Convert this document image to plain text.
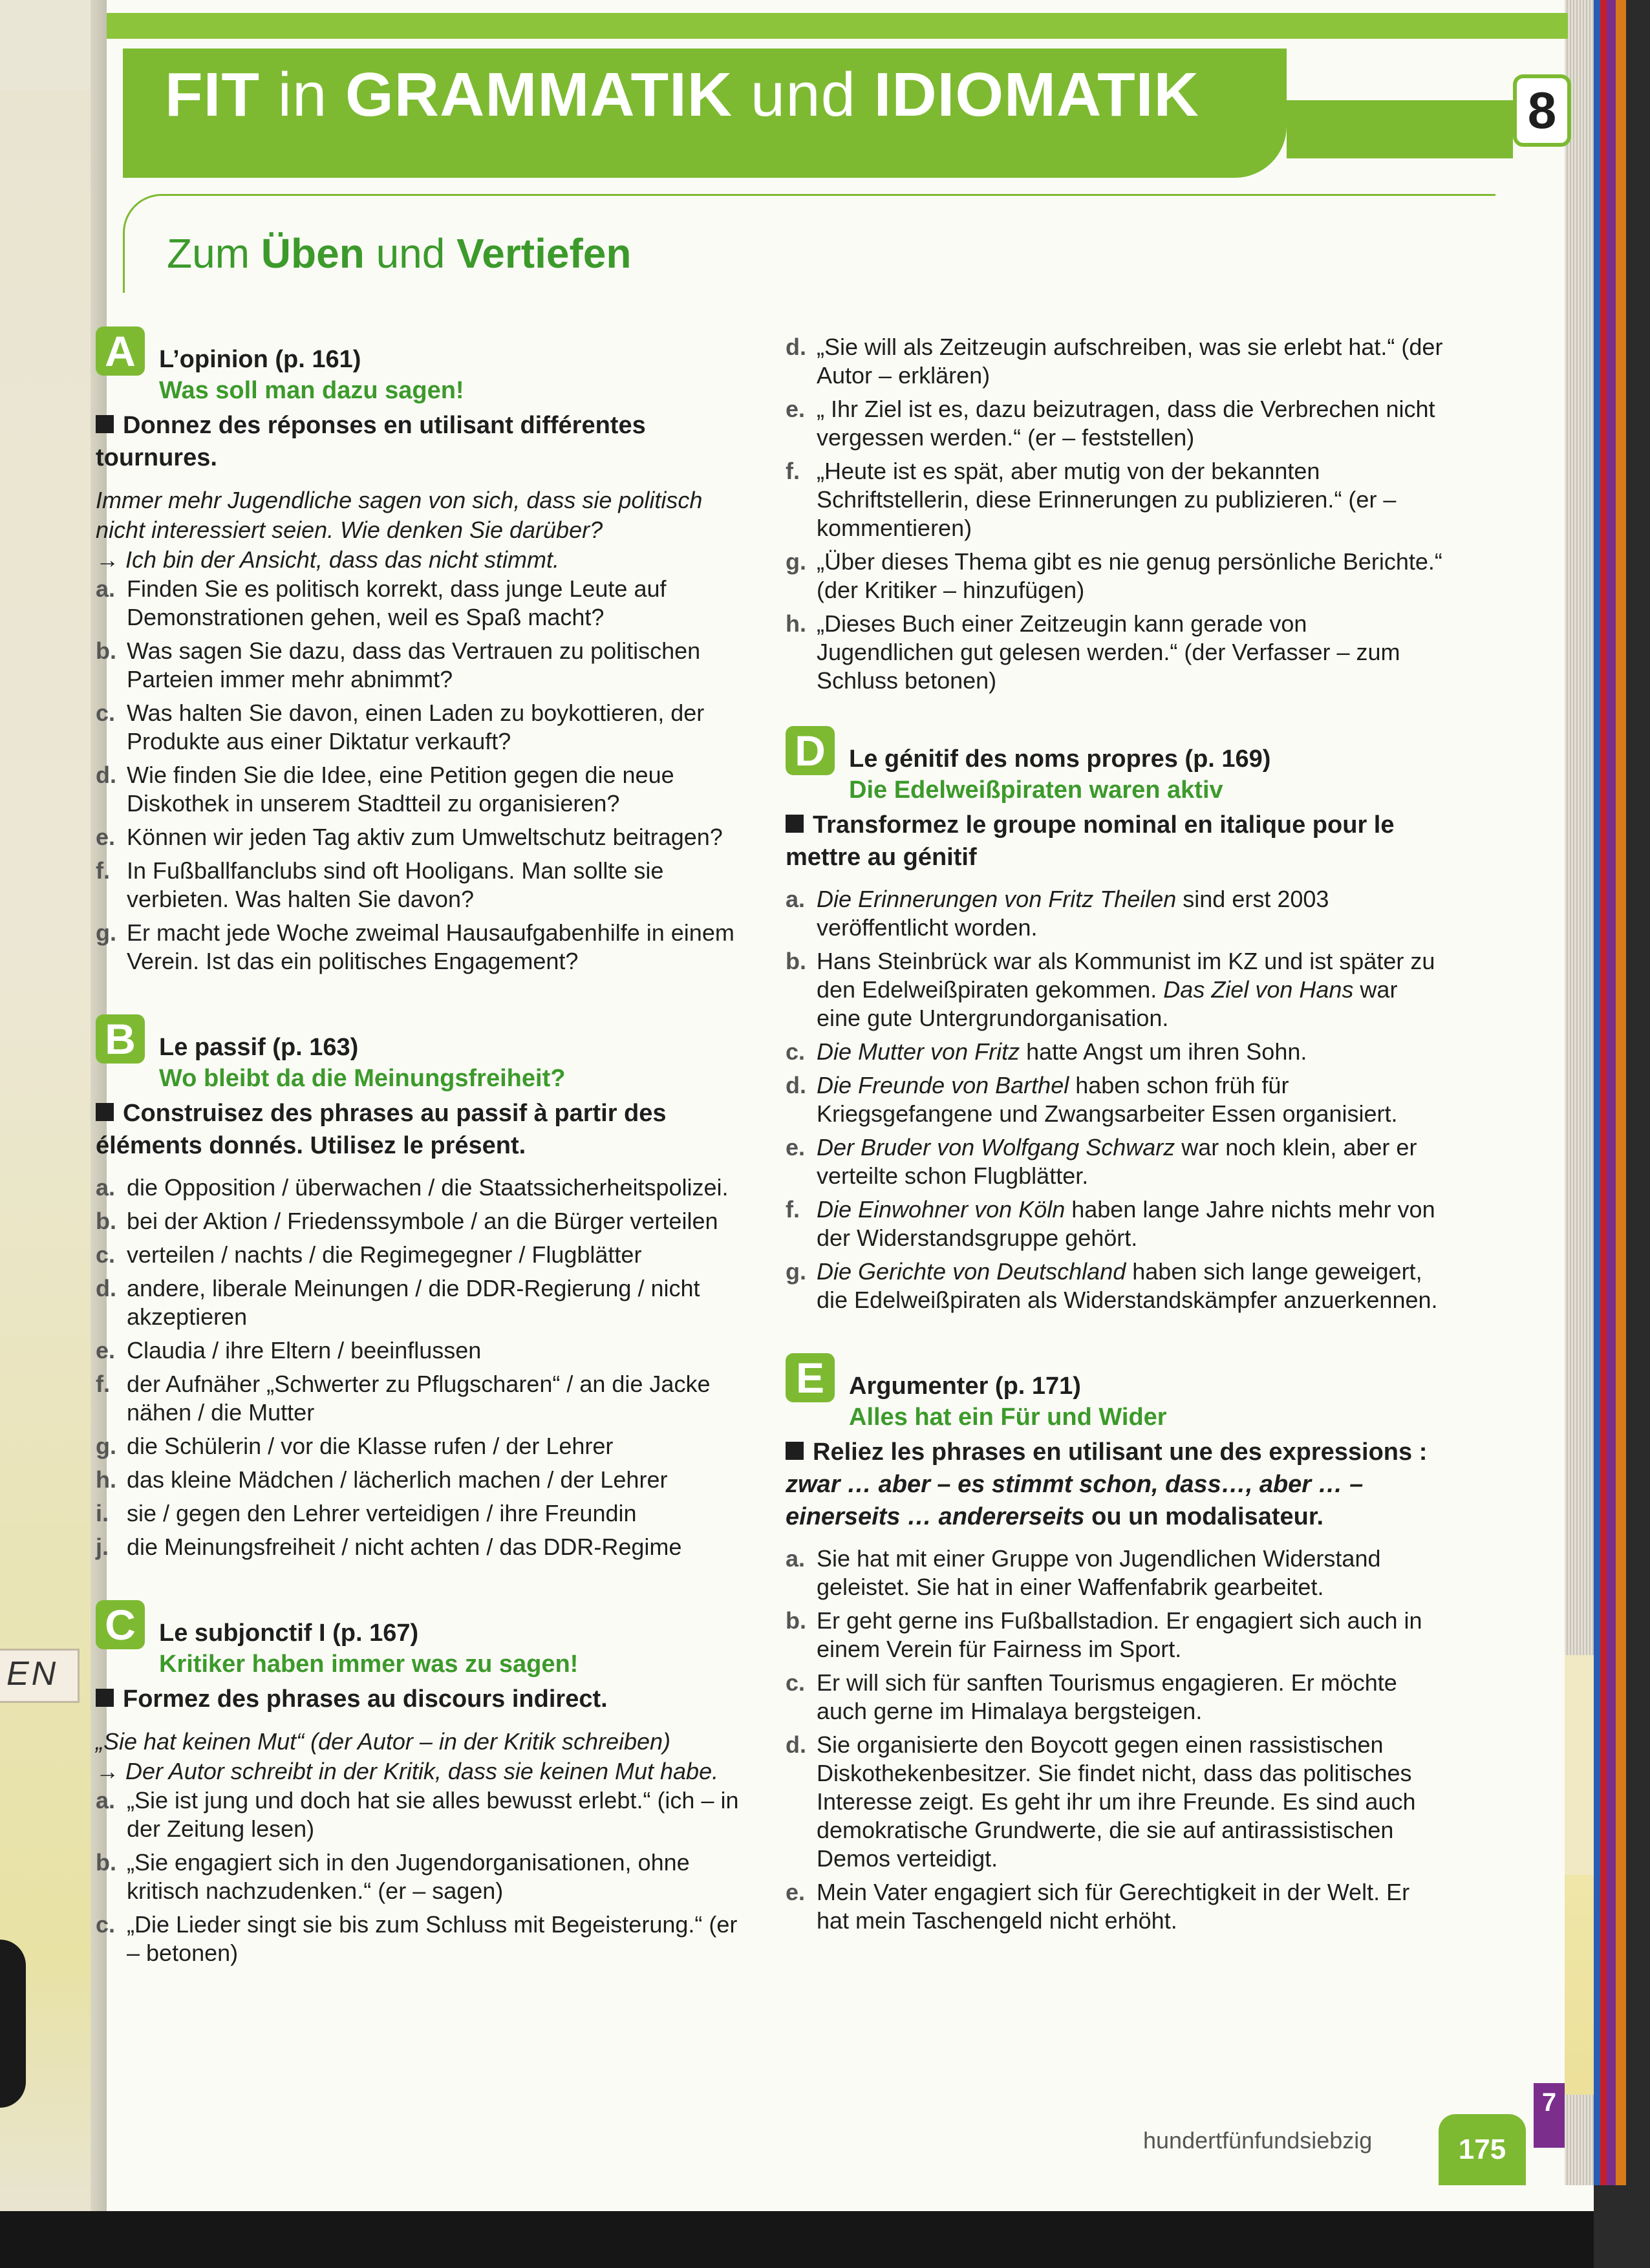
EN
FIT in GRAMMATIK und IDIOMATIK	8
Zum Üben und Vertiefen
A L’opinion (p. 161)
Was soll man dazu sagen!
Donnez des réponses en utilisant différentes tournures.
Immer mehr Jugendliche sagen von sich, dass sie politisch nicht interessiert seien. Wie denken Sie darüber?
→ Ich bin der Ansicht, dass das nicht stimmt.
a. Finden Sie es politisch korrekt, dass junge Leute auf Demonstrationen gehen, weil es Spaß macht?
b. Was sagen Sie dazu, dass das Vertrauen zu politischen Parteien immer mehr abnimmt?
c. Was halten Sie davon, einen Laden zu boykottieren, der Produkte aus einer Diktatur verkauft?
d. Wie finden Sie die Idee, eine Petition gegen die neue Diskothek in unserem Stadtteil zu organisieren?
e. Können wir jeden Tag aktiv zum Umweltschutz beitragen?
f. In Fußballfanclubs sind oft Hooligans. Man sollte sie verbieten. Was halten Sie davon?
g. Er macht jede Woche zweimal Hausaufgabenhilfe in einem Verein. Ist das ein politisches Engagement?
B Le passif (p. 163)
Wo bleibt da die Meinungsfreiheit?
Construisez des phrases au passif à partir des éléments donnés. Utilisez le présent.
a. die Opposition / überwachen / die Staatssicherheitspolizei.
b. bei der Aktion / Friedenssymbole / an die Bürger verteilen
c. verteilen / nachts / die Regimegegner / Flugblätter
d. andere, liberale Meinungen / die DDR-Regierung / nicht akzeptieren
e. Claudia / ihre Eltern / beeinflussen
f. der Aufnäher „Schwerter zu Pflugscharen“ / an die Jacke nähen / die Mutter
g. die Schülerin / vor die Klasse rufen / der Lehrer
h. das kleine Mädchen / lächerlich machen / der Lehrer
i. sie / gegen den Lehrer verteidigen / ihre Freundin
j. die Meinungsfreiheit / nicht achten / das DDR-Regime
C Le subjonctif I (p. 167)
Kritiker haben immer was zu sagen!
Formez des phrases au discours indirect.
„Sie hat keinen Mut“ (der Autor – in der Kritik schreiben)
→ Der Autor schreibt in der Kritik, dass sie keinen Mut habe.
a. „Sie ist jung und doch hat sie alles bewusst erlebt.“ (ich – in der Zeitung lesen)
b. „Sie engagiert sich in den Jugendorganisationen, ohne kritisch nachzudenken.“ (er – sagen)
c. „Die Lieder singt sie bis zum Schluss mit Begeisterung.“ (er – betonen)
d. „Sie will als Zeitzeugin aufschreiben, was sie erlebt hat.“ (der Autor – erklären)
e. „ Ihr Ziel ist es, dazu beizutragen, dass die Verbrechen nicht vergessen werden.“ (er – feststellen)
f. „Heute ist es spät, aber mutig von der bekannten Schriftstellerin, diese Erinnerungen zu publizieren.“ (er – kommentieren)
g. „Über dieses Thema gibt es nie genug persönliche Berichte.“ (der Kritiker – hinzufügen)
h. „Dieses Buch einer Zeitzeugin kann gerade von Jugendlichen gut gelesen werden.“ (der Verfasser – zum Schluss betonen)
D Le génitif des noms propres (p. 169)
Die Edelweißpiraten waren aktiv
Transformez le groupe nominal en italique pour le mettre au génitif
a. Die Erinnerungen von Fritz Theilen sind erst 2003 veröffentlicht worden.
b. Hans Steinbrück war als Kommunist im KZ und ist später zu den Edelweißpiraten gekommen. Das Ziel von Hans war eine gute Untergrundorganisation.
c. Die Mutter von Fritz hatte Angst um ihren Sohn.
d. Die Freunde von Barthel haben schon früh für Kriegsgefangene und Zwangsarbeiter Essen organisiert.
e. Der Bruder von Wolfgang Schwarz war noch klein, aber er verteilte schon Flugblätter.
f. Die Einwohner von Köln haben lange Jahre nichts mehr von der Widerstandsgruppe gehört.
g. Die Gerichte von Deutschland haben sich lange geweigert, die Edelweißpiraten als Widerstandskämpfer anzuerkennen.
E Argumenter (p. 171)
Alles hat ein Für und Wider
Reliez les phrases en utilisant une des expressions : zwar … aber – es stimmt schon, dass…, aber … – einerseits … andererseits ou un modalisateur.
a. Sie hat mit einer Gruppe von Jugendlichen Widerstand geleistet. Sie hat in einer Waffenfabrik gearbeitet.
b. Er geht gerne ins Fußballstadion. Er engagiert sich auch in einem Verein für Fairness im Sport.
c. Er will sich für sanften Tourismus engagieren. Er möchte auch gerne im Himalaya bergsteigen.
d. Sie organisierte den Boycott gegen einen rassistischen Diskothekenbesitzer. Sie findet nicht, dass das politisches Interesse zeigt. Es geht ihr um ihre Freunde. Es sind auch demokratische Grundwerte, die sie auf antirassistischen Demos verteidigt.
e. Mein Vater engagiert sich für Gerechtigkeit in der Welt. Er hat mein Taschengeld nicht erhöht.
hundertfünfundsiebzig	175
7
